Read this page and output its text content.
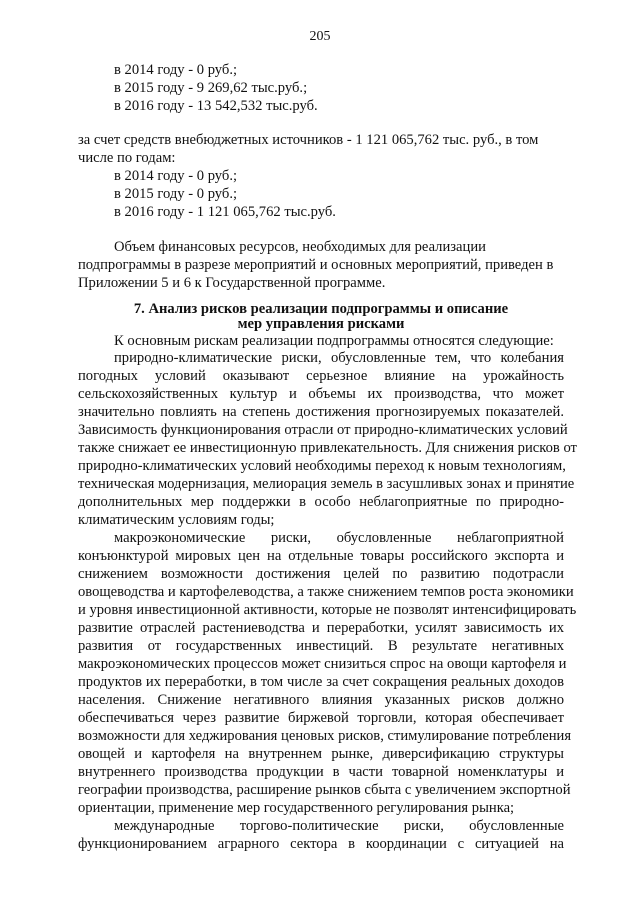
205
в 2014 году - 0 руб.;
в 2015 году - 9 269,62 тыс.руб.;
в 2016 году - 13 542,532 тыс.руб.
за счет средств внебюджетных источников - 1 121 065,762 тыс. руб., в том
числе по годам:
в 2014 году - 0 руб.;
в 2015 году - 0 руб.;
в 2016 году - 1 121 065,762 тыс.руб.
Объем финансовых ресурсов, необходимых для реализации
подпрограммы в разрезе мероприятий и основных мероприятий, приведен в
Приложении 5 и 6 к Государственной программе.
7. Анализ рисков реализации подпрограммы и описание
мер управления рисками
К основным рискам реализации подпрограммы относятся следующие:
природно-климатические риски, обусловленные тем, что колебания
погодных условий оказывают серьезное влияние на урожайность
сельскохозяйственных культур и объемы их производства, что может
значительно повлиять на степень достижения прогнозируемых показателей.
Зависимость функционирования отрасли от природно-климатических условий
также снижает ее инвестиционную привлекательность. Для снижения рисков от
природно-климатических условий необходимы переход к новым технологиям,
техническая модернизация, мелиорация земель в засушливых зонах и принятие
дополнительных мер поддержки в особо неблагоприятные по природно-
климатическим условиям годы;
макроэкономические риски, обусловленные неблагоприятной
конъюнктурой мировых цен на отдельные товары российского экспорта и
снижением возможности достижения целей по развитию подотрасли
овощеводства и картофелеводства, а также снижением темпов роста экономики
и уровня инвестиционной активности, которые не позволят интенсифицировать
развитие отраслей растениеводства и переработки, усилят зависимость их
развития от государственных инвестиций. В результате негативных
макроэкономических процессов может снизиться спрос на овощи картофеля и
продуктов их переработки, в том числе за счет сокращения реальных доходов
населения. Снижение негативного влияния указанных рисков должно
обеспечиваться через развитие биржевой торговли, которая обеспечивает
возможности для хеджирования ценовых рисков, стимулирование потребления
овощей и картофеля на внутреннем рынке, диверсификацию структуры
внутреннего производства продукции в части товарной номенклатуры и
географии производства, расширение рынков сбыта с увеличением экспортной
ориентации, применение мер государственного регулирования рынка;
международные торгово-политические риски, обусловленные
функционированием аграрного сектора в координации с ситуацией на
